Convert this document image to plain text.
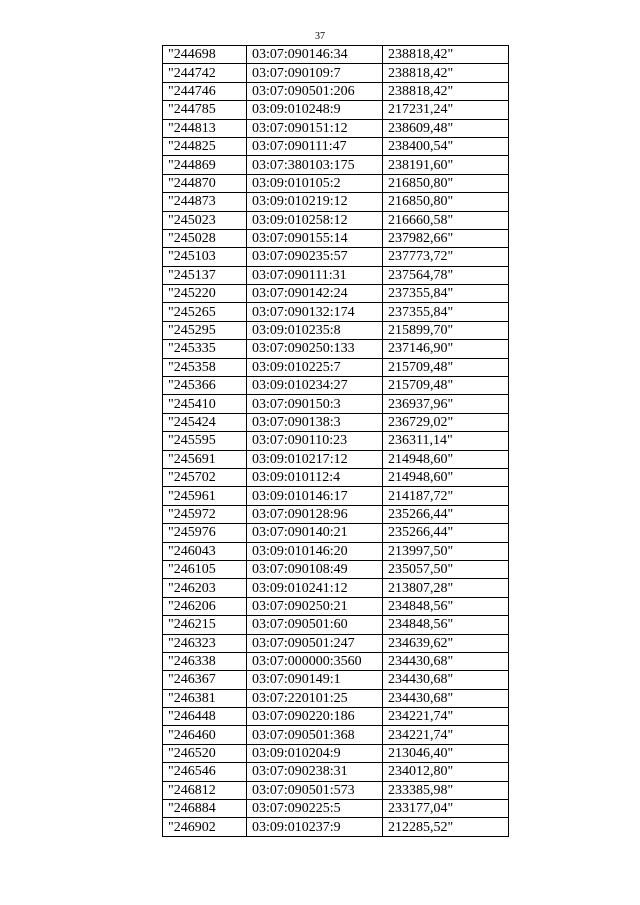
37
"244698	03:07:090146:34	238818,42"
"244742	03:07:090109:7	238818,42"
"244746	03:07:090501:206	238818,42"
"244785	03:09:010248:9	217231,24"
"244813	03:07:090151:12	238609,48"
"244825	03:07:090111:47	238400,54"
"244869	03:07:380103:175	238191,60"
"244870	03:09:010105:2	216850,80"
"244873	03:09:010219:12	216850,80"
"245023	03:09:010258:12	216660,58"
"245028	03:07:090155:14	237982,66"
"245103	03:07:090235:57	237773,72"
"245137	03:07:090111:31	237564,78"
"245220	03:07:090142:24	237355,84"
"245265	03:07:090132:174	237355,84"
"245295	03:09:010235:8	215899,70"
"245335	03:07:090250:133	237146,90"
"245358	03:09:010225:7	215709,48"
"245366	03:09:010234:27	215709,48"
"245410	03:07:090150:3	236937,96"
"245424	03:07:090138:3	236729,02"
"245595	03:07:090110:23	236311,14"
"245691	03:09:010217:12	214948,60"
"245702	03:09:010112:4	214948,60"
"245961	03:09:010146:17	214187,72"
"245972	03:07:090128:96	235266,44"
"245976	03:07:090140:21	235266,44"
"246043	03:09:010146:20	213997,50"
"246105	03:07:090108:49	235057,50"
"246203	03:09:010241:12	213807,28"
"246206	03:07:090250:21	234848,56"
"246215	03:07:090501:60	234848,56"
"246323	03:07:090501:247	234639,62"
"246338	03:07:000000:3560	234430,68"
"246367	03:07:090149:1	234430,68"
"246381	03:07:220101:25	234430,68"
"246448	03:07:090220:186	234221,74"
"246460	03:07:090501:368	234221,74"
"246520	03:09:010204:9	213046,40"
"246546	03:07:090238:31	234012,80"
"246812	03:07:090501:573	233385,98"
"246884	03:07:090225:5	233177,04"
"246902	03:09:010237:9	212285,52"
